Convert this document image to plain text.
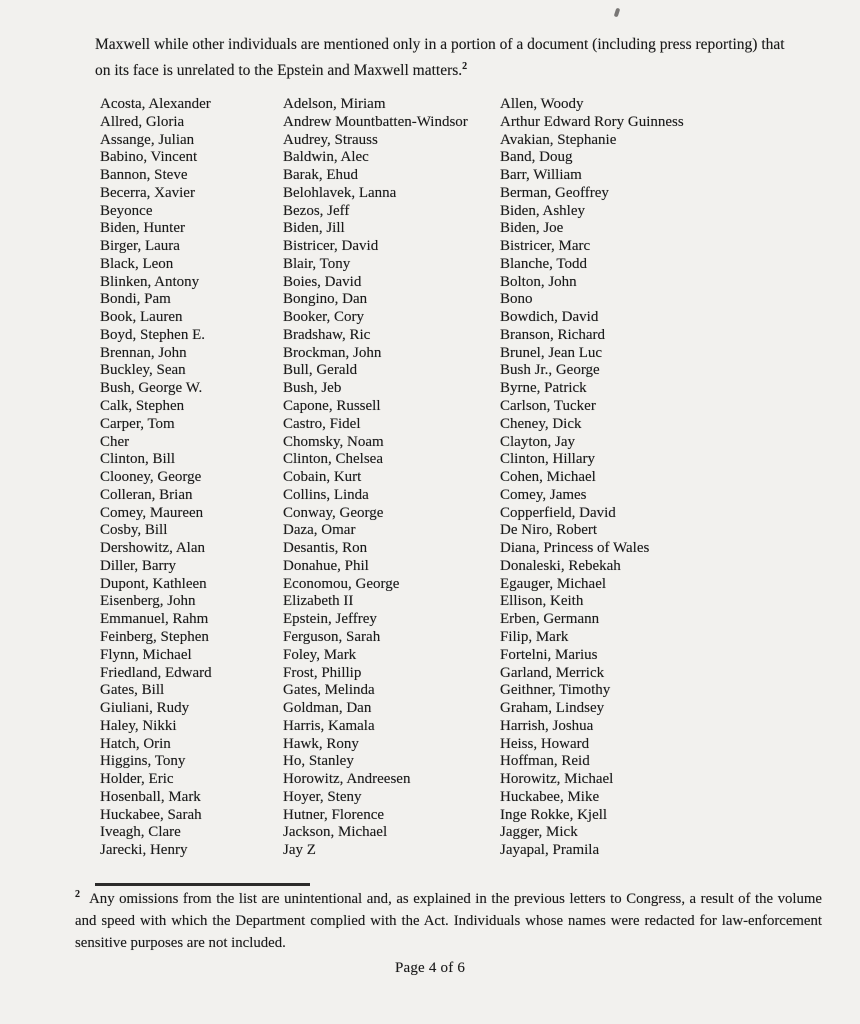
Maxwell while other individuals are mentioned only in a portion of a document (including press reporting) that on its face is unrelated to the Epstein and Maxwell matters.$^2$

Acosta, Alexander
Allred, Gloria
Assange, Julian
Babino, Vincent
Bannon, Steve
Becerra, Xavier
Beyonce
Biden, Hunter
Birger, Laura
Black, Leon
Blinken, Antony
Bondi, Pam
Book, Lauren
Boyd, Stephen E.
Brennan, John
Buckley, Sean
Bush, George W.
Calk, Stephen
Carper, Tom
Cher
Clinton, Bill
Clooney, George
Colleran, Brian
Comey, Maureen
Cosby, Bill
Dershowitz, Alan
Diller, Barry
Dupont, Kathleen
Eisenberg, John
Emmanuel, Rahm
Feinberg, Stephen
Flynn, Michael
Friedland, Edward
Gates, Bill
Giuliani, Rudy
Haley, Nikki
Hatch, Orin
Higgins, Tony
Holder, Eric
Hosenball, Mark
Huckabee, Sarah
Iveagh, Clare
Jarecki, Henry
Adelson, Miriam
Andrew Mountbatten-Windsor
Audrey, Strauss
Baldwin, Alec
Barak, Ehud
Belohlavek, Lanna
Bezos, Jeff
Biden, Jill
Bistricer, David
Blair, Tony
Boies, David
Bongino, Dan
Booker, Cory
Bradshaw, Ric
Brockman, John
Bull, Gerald
Bush, Jeb
Capone, Russell
Castro, Fidel
Chomsky, Noam
Clinton, Chelsea
Cobain, Kurt
Collins, Linda
Conway, George
Daza, Omar
Desantis, Ron
Donahue, Phil
Economou, George
Elizabeth II
Epstein, Jeffrey
Ferguson, Sarah
Foley, Mark
Frost, Phillip
Gates, Melinda
Goldman, Dan
Harris, Kamala
Hawk, Rony
Ho, Stanley
Horowitz, Andreesen
Hoyer, Steny
Hutner, Florence
Jackson, Michael
Jay Z
Allen, Woody
Arthur Edward Rory Guinness
Avakian, Stephanie
Band, Doug
Barr, William
Berman, Geoffrey
Biden, Ashley
Biden, Joe
Bistricer, Marc
Blanche, Todd
Bolton, John
Bono
Bowdich, David
Branson, Richard
Brunel, Jean Luc
Bush Jr., George
Byrne, Patrick
Carlson, Tucker
Cheney, Dick
Clayton, Jay
Clinton, Hillary
Cohen, Michael
Comey, James
Copperfield, David
De Niro, Robert
Diana, Princess of Wales
Donaleski, Rebekah
Egauger, Michael
Ellison, Keith
Erben, Germann
Filip, Mark
Fortelni, Marius
Garland, Merrick
Geithner, Timothy
Graham, Lindsey
Harrish, Joshua
Heiss, Howard
Hoffman, Reid
Horowitz, Michael
Huckabee, Mike
Inge Rokke, Kjell
Jagger, Mick
Jayapal, Pramila

$^2$ Any omissions from the list are unintentional and, as explained in the previous letters to Congress, a result of the volume and speed with which the Department complied with the Act. Individuals whose names were redacted for law-enforcement sensitive purposes are not included.

Page 4 of 6
